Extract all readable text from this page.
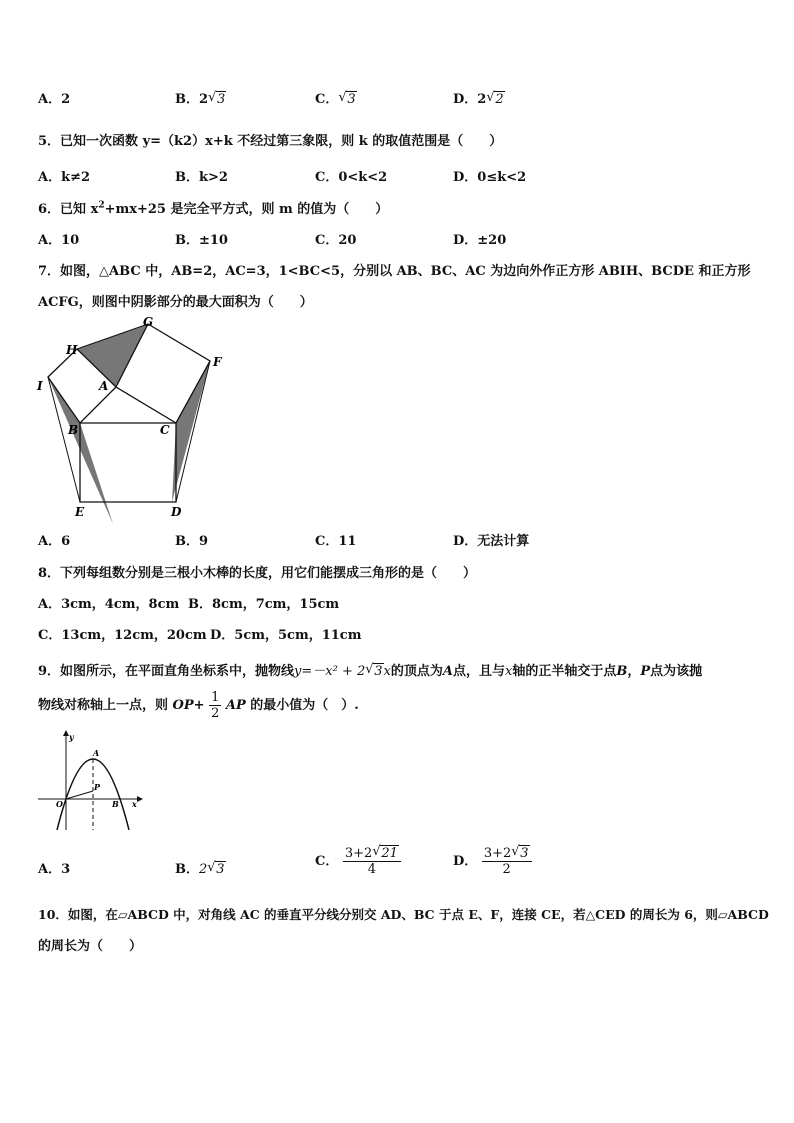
A．2	B．2 √ 3	C． √ 3	D．2 √ 2
5．已知一次函数 y=（k2）x+k 不经过第三象限，则 k 的取值范围是（　　）
A．k≠2	B．k>2	C．0<k<2	D．0≤k<2
6．已知 $x^2+mx+25$ 是完全平方式，则 m 的值为（　　）
A．10	B．±10	C．20	D．±20
7．如图，△ABC 中，AB=2，AC=3，1<BC<5，分别以 AB、BC、AC 为边向外作正方形 ABIH、BCDE 和正方形
ACFG，则图中阴影部分的最大面积为（　　）
G
H
F
I	A
B	C
E	D
A．6	B．9	C．11	D．无法计算
8．下列每组数分别是三根小木棒的长度，用它们能摆成三角形的是（　　）
A．3cm，4cm，8cm B．8cm，7cm，15cm
C．13cm，12cm，20cm D．5cm，5cm，11cm
9．如图所示，在平面直角坐标系中，抛物线y=－x² + 2 √ 3x的顶点为A点，且与x轴的正半轴交于点B，P点为该抛
物线对称轴上一点，则 $OP+ \frac{1}{2}$ AP 的最小值为（　）.
y
x
O
A
P
B
A．3	B．2 √ 3
C． $\frac{3+2 √ 21}{4}$	D． $\frac{3+2 √ 3}{2}$
10．如图，在▱ABCD 中，对角线 AC 的垂直平分线分别交 AD、BC 于点 E、F，连接 CE，若△CED 的周长为 6，则▱ABCD
的周长为（　　）
